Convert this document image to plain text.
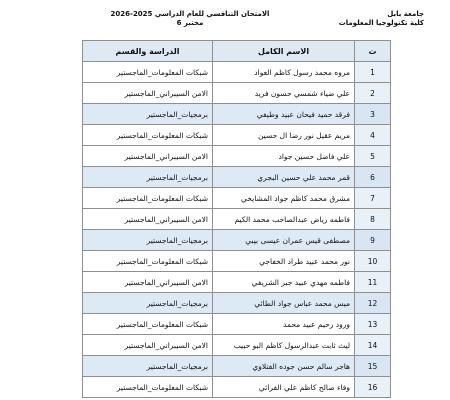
جامعة بابل
كلية تكنولوجيا المعلومات
الامتحان التنافسي للعام الدراسي 2025-2026
مختبر 6
ت	الاسم الكامل	الدراسة والقسم
1	مروه محمد رسول كاظم العواد	شبكات المعلومات_الماجستير
2	علي ضياء شمسي حسون فريد	الامن السيبراني_الماجستير
3	فرقد حميد فيحان عبيد وطيفي	برمجيات_الماجستير
4	مريم عقيل نور رضا ال حسين	شبكات المعلومات_الماجستير
5	علي فاضل حسين جواد	الامن السيبراني_الماجستير
6	قمر محمد علي حسين البجري	برمجيات_الماجستير
7	مشرق محمد كاظم جواد المشايخي	شبكات المعلومات_الماجستير
8	فاطمه رياض عبدالصاحب محمد الكيم	الامن السيبراني_الماجستير
9	مصطفى قيس عمران عيسى بيبي	برمجيات_الماجستير
10	نور محمد عبيد طراد الخفاجي	شبكات المعلومات_الماجستير
11	فاطمه مهدي عبيد جبر الشريفي	الامن السيبراني_الماجستير
12	ميس محمد عباس جواد الطائي	برمجيات_الماجستير
13	ورود رحيم عبيد محمد	شبكات المعلومات_الماجستير
14	ليث ثابت عبدالرسول كاظم البو حبيب	الامن السيبراني_الماجستير
15	هاجر سالم حسن جوده الفتلاوي	برمجيات_الماجستير
16	وفاء صالح كاظم علي الفرائي	شبكات المعلومات_الماجستير
